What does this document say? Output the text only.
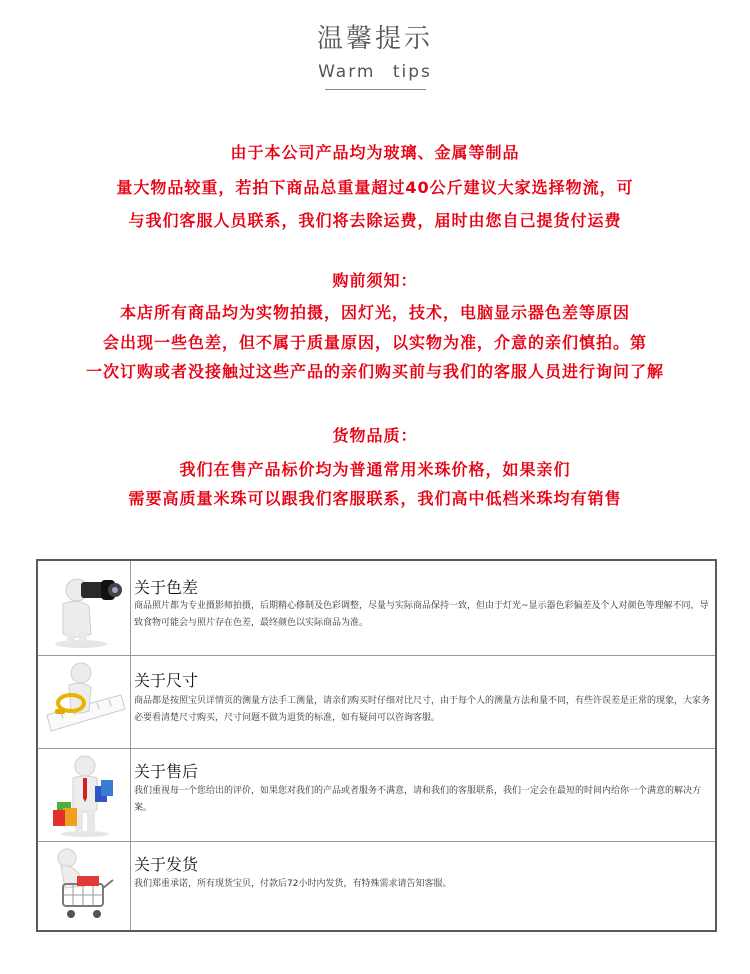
温馨提示
Warm tips
由于本公司产品均为玻璃、金属等制品
量大物品较重，若拍下商品总重量超过40公斤建议大家选择物流，可
与我们客服人员联系，我们将去除运费，届时由您自己提货付运费
购前须知：
本店所有商品均为实物拍摄，因灯光，技术，电脑显示器色差等原因
会出现一些色差，但不属于质量原因，以实物为准，介意的亲们慎拍。第
一次订购或者没接触过这些产品的亲们购买前与我们的客服人员进行询问了解
货物品质：
我们在售产品标价均为普通常用米珠价格，如果亲们
需要高质量米珠可以跟我们客服联系，我们高中低档米珠均有销售
关于色差
商品照片都为专业摄影师拍摄，后期精心修制及色彩调整，尽量与实际商品保持一致，但由于灯光~显示器色彩偏差及个人对颜色等理解不同，导致食物可能会与照片存在色差，最终颜色以实际商品为准。
关于尺寸
商品都是按照宝贝详情页的测量方法手工测量，请亲们购买时仔细对比尺寸，由于每个人的测量方法和量不同，有些许误差是正常的现象，大家务必要看清楚尺寸购买，尺寸问题不做为退货的标准，如有疑问可以咨询客服。
关于售后
我们重视每一个您给出的评价，如果您对我们的产品或者服务不满意，请和我们的客服联系，我们一定会在最短的时间内给你一个满意的解决方案。
关于发货
我们郑重承诺，所有现货宝贝，付款后72小时内发货，有特殊需求请告知客服。
